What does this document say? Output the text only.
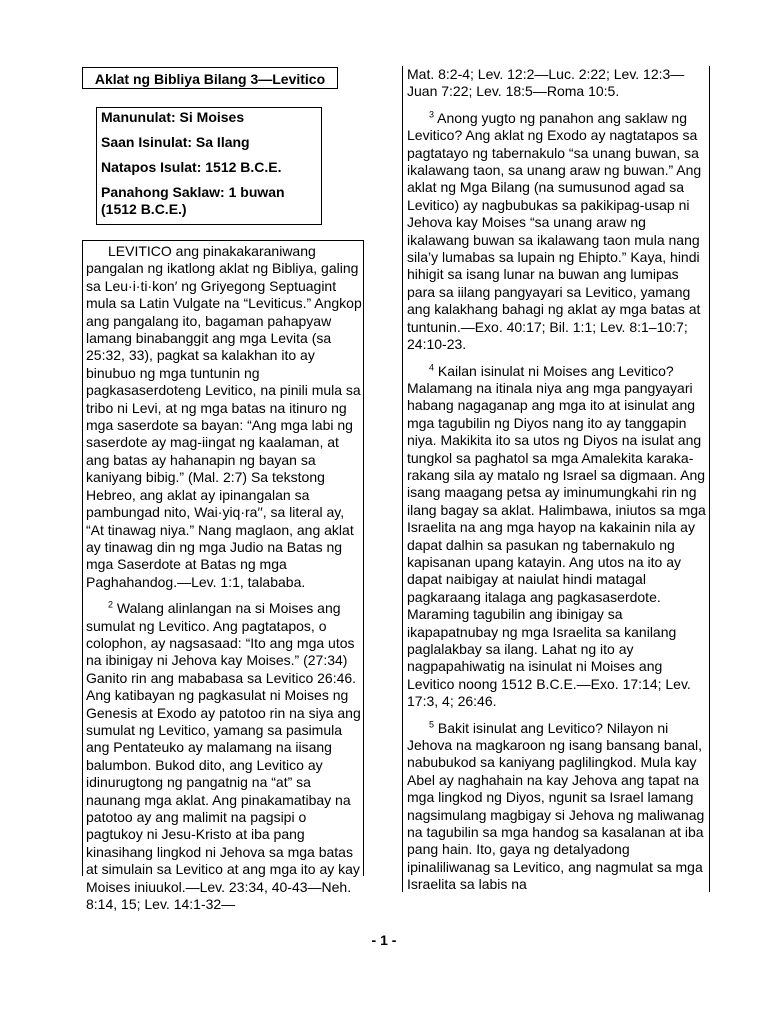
Aklat ng Bibliya Bilang 3—Levitico
Manunulat: Si Moises
Saan Isinulat: Sa Ilang
Natapos Isulat: 1512 B.C.E.
Panahong Saklaw: 1 buwan (1512 B.C.E.)

LEVITICO ang pinakakaraniwang pangalan ng ikatlong aklat ng Bibliya, galing sa Leu·i·ti·kon′ ng Griyegong Septuagint mula sa Latin Vulgate na “Leviticus.” Angkop ang pangalang ito, bagaman pahapyaw lamang binabanggit ang mga Levita (sa 25:32, 33), pagkat sa kalakhan ito ay binubuo ng mga tuntunin ng pagkasaserdoteng Levitico, na pinili mula sa tribo ni Levi, at ng mga batas na itinuro ng mga saserdote sa bayan: “Ang mga labi ng saserdote ay mag-iingat ng kaalaman, at ang batas ay hahanapin ng bayan sa kaniyang bibig.” (Mal. 2:7) Sa tekstong Hebreo, ang aklat ay ipinangalan sa pambungad nito, Wai·yiq·ra′′, sa literal ay, “At tinawag niya.” Nang maglaon, ang aklat ay tinawag din ng mga Judio na Batas ng mga Saserdote at Batas ng mga Paghahandog.—Lev. 1:1, talababa.

$^2$ Walang alinlangan na si Moises ang sumulat ng Levitico. Ang pagtatapos, o colophon, ay nagsasaad: “Ito ang mga utos na ibinigay ni Jehova kay Moises.” (27:34) Ganito rin ang mababasa sa Levitico 26:46. Ang katibayan ng pagkasulat ni Moises ng Genesis at Exodo ay patotoo rin na siya ang sumulat ng Levitico, yamang sa pasimula ang Pentateuko ay malamang na iisang balumbon. Bukod dito, ang Levitico ay idinurugtong ng pangatnig na “at” sa naunang mga aklat. Ang pinakamatibay na patotoo ay ang malimit na pagsipi o pagtukoy ni Jesu-Kristo at iba pang kinasihang lingkod ni Jehova sa mga batas at simulain sa Levitico at ang mga ito ay kay Moises iniuukol.—Lev. 23:34, 40-43—Neh. 8:14, 15; Lev. 14:1-32—

Mat. 8:2-4; Lev. 12:2—Luc. 2:22; Lev. 12:3—Juan 7:22; Lev. 18:5—Roma 10:5.

$^3$ Anong yugto ng panahon ang saklaw ng Levitico? Ang aklat ng Exodo ay nagtatapos sa pagtatayo ng tabernakulo “sa unang buwan, sa ikalawang taon, sa unang araw ng buwan.” Ang aklat ng Mga Bilang (na sumusunod agad sa Levitico) ay nagbubukas sa pakikipag-usap ni Jehova kay Moises “sa unang araw ng ikalawang buwan sa ikalawang taon mula nang sila’y lumabas sa lupain ng Ehipto.” Kaya, hindi hihigit sa isang lunar na buwan ang lumipas para sa iilang pangyayari sa Levitico, yamang ang kalakhang bahagi ng aklat ay mga batas at tuntunin.—Exo. 40:17; Bil. 1:1; Lev. 8:1–10:7; 24:10-23.

$^4$ Kailan isinulat ni Moises ang Levitico? Malamang na itinala niya ang mga pangyayari habang nagaganap ang mga ito at isinulat ang mga tagubilin ng Diyos nang ito ay tanggapin niya. Makikita ito sa utos ng Diyos na isulat ang tungkol sa paghatol sa mga Amalekita karaka-rakang sila ay matalo ng Israel sa digmaan. Ang isang maagang petsa ay iminumungkahi rin ng ilang bagay sa aklat. Halimbawa, iniutos sa mga Israelita na ang mga hayop na kakainin nila ay dapat dalhin sa pasukan ng tabernakulo ng kapisanan upang katayin. Ang utos na ito ay dapat naibigay at naiulat hindi matagal pagkaraang italaga ang pagkasaserdote. Maraming tagubilin ang ibinigay sa ikapapatnubay ng mga Israelita sa kanilang paglalakbay sa ilang. Lahat ng ito ay nagpapahiwatig na isinulat ni Moises ang Levitico noong 1512 B.C.E.—Exo. 17:14; Lev. 17:3, 4; 26:46.

$^5$ Bakit isinulat ang Levitico? Nilayon ni Jehova na magkaroon ng isang bansang banal, nabubukod sa kaniyang paglilingkod. Mula kay Abel ay naghahain na kay Jehova ang tapat na mga lingkod ng Diyos, ngunit sa Israel lamang nagsimulang magbigay si Jehova ng maliwanag na tagubilin sa mga handog sa kasalanan at iba pang hain. Ito, gaya ng detalyadong ipinaliliwanag sa Levitico, ang nagmulat sa mga Israelita sa labis na

- 1 -
